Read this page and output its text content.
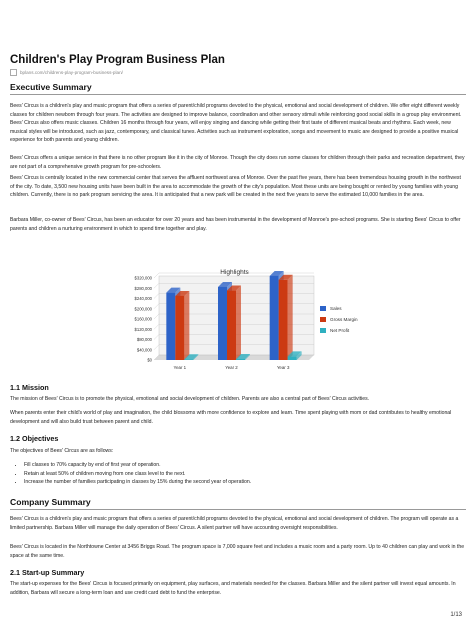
Children's Play Program Business Plan
bplans.com/childrens-play-program-business-plan/
Executive Summary

Bees' Circus is a children's play and music program that offers a series of parent/child programs devoted to the physical, emotional and social development of children. We offer eight different weekly classes for children newborn through four years. The activities are designed to improve balance, coordination and other sensory stimuli while reinforcing good social skills in a group play environment. Bees' Circus also offers music classes. Children 16 months through four years, will enjoy singing and dancing while getting their first taste of different musical beats and rhythms. Each week, new musical styles will be introduced, such as jazz, contemporary, and classical tunes. Activities such as instrument exploration, songs and movement to music are designed to provide a positive musical experience for both parents and young children.

Bees' Circus offers a unique service in that there is no other program like it in the city of Monroe. Though the city does run some classes for children through their parks and recreation department, they are not part of a comprehensive growth program for pre-schoolers.

Bees' Circus is centrally located in the new commercial center that serves the affluent northwest area of Monroe. Over the past five years, there has been tremendous housing growth in the northwest of the city. To date, 3,500 new housing units have been built in the area to accommodate the growth of the city's population. Most these units are being bought or rented by young families with young children. Currently, there is no park program servicing the area. It is anticipated that a new park will be created in the next five years to serve the estimated 10,000 families in the area.

Barbara Miller, co-owner of Bees' Circus, has been an educator for over 20 years and has been instrumental in the development of Monroe's pre-school programs. She is starting Bees' Circus to offer parents and children a nurturing environment in which to spend time together and play.

Highlights
$0
$40,000
$80,000
$120,000
$160,000
$200,000
$240,000
$280,000
$320,000
Year 1	Year 2	Year 3
Sales
Gross Margin
Net Profit
1.1 Mission

The mission of Bees' Circus is to promote the physical, emotional and social development of children. Parents are also a central part of Bees' Circus activities.

When parents enter their child's world of play and imagination, the child blossoms with more confidence to explore and learn. Time spent playing with mom or dad contributes to healthy emotional development and will also build trust between parent and child.

1.2 Objectives

The objectives of Bees' Circus are as follows:

• Fill classes to 70% capacity by end of first year of operation.
• Retain at least 50% of children moving from one class level to the next.
• Increase the number of families participating in classes by 15% during the second year of operation.
Company Summary

Bees' Circus is a children's play and music program that offers a series of parent/child programs devoted to the physical, emotional and social development of children. The program will operate as a limited partnership. Barbara Miller will manage the daily operation of Bees' Circus. A silent partner will have accounting oversight responsibilities.

Bees' Circus is located in the Northtowne Center at 3456 Briggs Road. The program space is 7,000 square feet and includes a music room and a party room. Up to 40 children can play and work in the space at the same time.

2.1 Start-up Summary

The start-up expenses for the Bees' Circus is focused primarily on equipment, play surfaces, and materials needed for the classes. Barbara Miller and the silent partner will invest equal amounts. In addition, Barbara will secure a long-term loan and use credit card debt to fund the enterprise.

1/13
